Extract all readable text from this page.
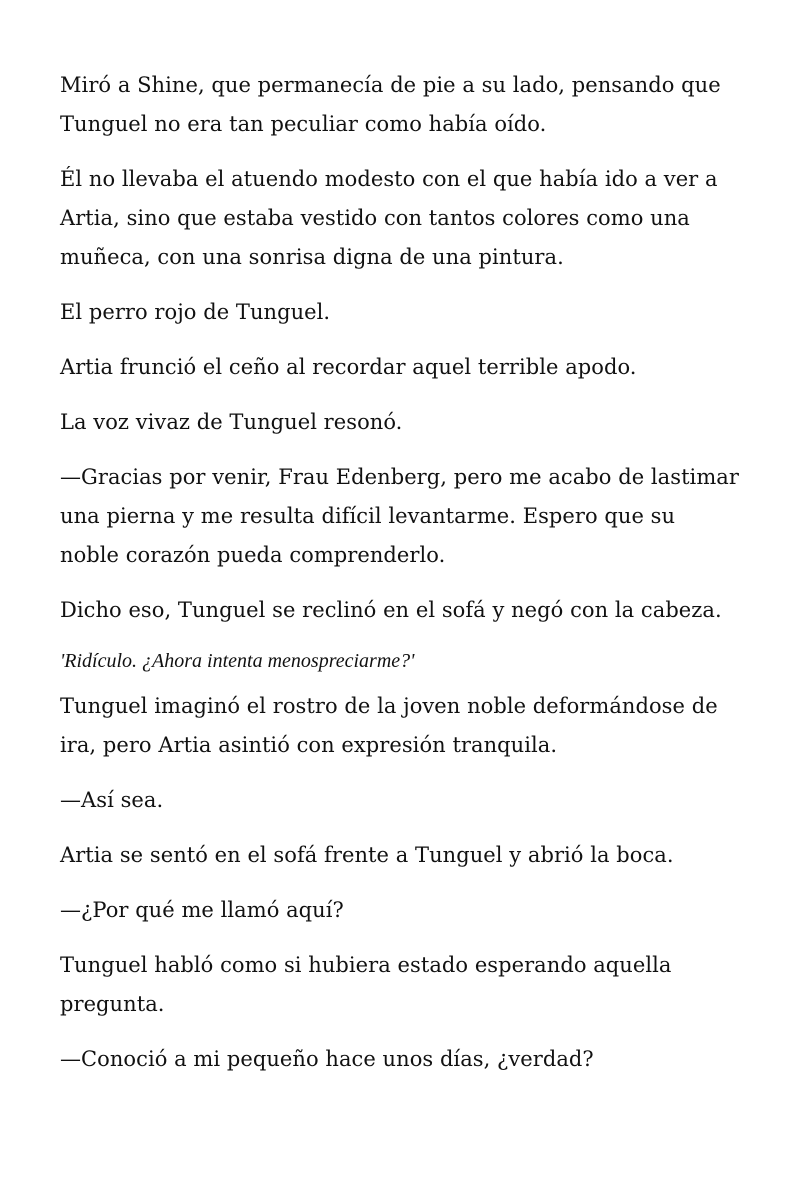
Miró a Shine, que permanecía de pie a su lado, pensando que Tunguel no era tan peculiar como había oído.

Él no llevaba el atuendo modesto con el que había ido a ver a Artia, sino que estaba vestido con tantos colores como una muñeca, con una sonrisa digna de una pintura.

El perro rojo de Tunguel.

Artia frunció el ceño al recordar aquel terrible apodo.

La voz vivaz de Tunguel resonó.

—Gracias por venir, Frau Edenberg, pero me acabo de lastimar una pierna y me resulta difícil levantarme. Espero que su noble corazón pueda comprenderlo.

Dicho eso, Tunguel se reclinó en el sofá y negó con la cabeza.

'Ridículo. ¿Ahora intenta menospreciarme?'

Tunguel imaginó el rostro de la joven noble deformándose de ira, pero Artia asintió con expresión tranquila.

—Así sea.

Artia se sentó en el sofá frente a Tunguel y abrió la boca.

—¿Por qué me llamó aquí?

Tunguel habló como si hubiera estado esperando aquella pregunta.

—Conoció a mi pequeño hace unos días, ¿verdad?
